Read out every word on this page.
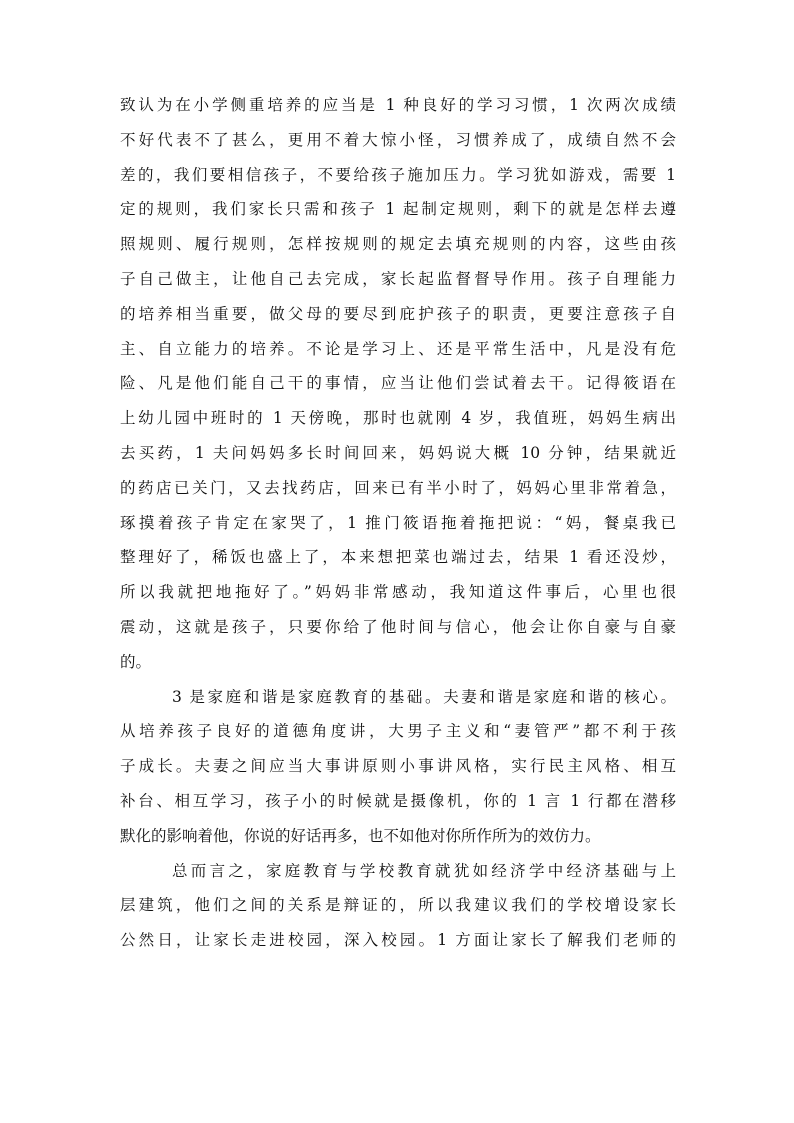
致认为在小学侧重培养的应当是 1 种良好的学习习惯，1 次两次成绩
不好代表不了甚么，更用不着大惊小怪，习惯养成了，成绩自然不会
差的，我们要相信孩子，不要给孩子施加压力。学习犹如游戏，需要 1
定的规则，我们家长只需和孩子 1 起制定规则，剩下的就是怎样去遵
照规则、履行规则，怎样按规则的规定去填充规则的内容，这些由孩
子自己做主，让他自己去完成，家长起监督督导作用。孩子自理能力
的培养相当重要，做父母的要尽到庇护孩子的职责，更要注意孩子自
主、自立能力的培养。不论是学习上、还是平常生活中，凡是没有危
险、凡是他们能自己干的事情，应当让他们尝试着去干。记得筱语在
上幼儿园中班时的 1 天傍晚，那时也就刚 4 岁，我值班，妈妈生病出
去买药，1 夫问妈妈多长时间回来，妈妈说大概 10 分钟，结果就近
的药店已关门，又去找药店，回来已有半小时了，妈妈心里非常着急，
琢摸着孩子肯定在家哭了，1 推门筱语拖着拖把说：“妈，餐桌我已
整理好了，稀饭也盛上了，本来想把菜也端过去，结果 1 看还没炒，
所以我就把地拖好了。”妈妈非常感动，我知道这件事后，心里也很
震动，这就是孩子，只要你给了他时间与信心，他会让你自豪与自豪
的。
3 是家庭和谐是家庭教育的基础。夫妻和谐是家庭和谐的核心。
从培养孩子良好的道德角度讲，大男子主义和“妻管严”都不利于孩
子成长。夫妻之间应当大事讲原则小事讲风格，实行民主风格、相互
补台、相互学习，孩子小的时候就是摄像机，你的 1 言 1 行都在潜移
默化的影响着他，你说的好话再多，也不如他对你所作所为的效仿力。
总而言之，家庭教育与学校教育就犹如经济学中经济基础与上
层建筑，他们之间的关系是辩证的，所以我建议我们的学校增设家长
公然日，让家长走进校园，深入校园。1 方面让家长了解我们老师的
